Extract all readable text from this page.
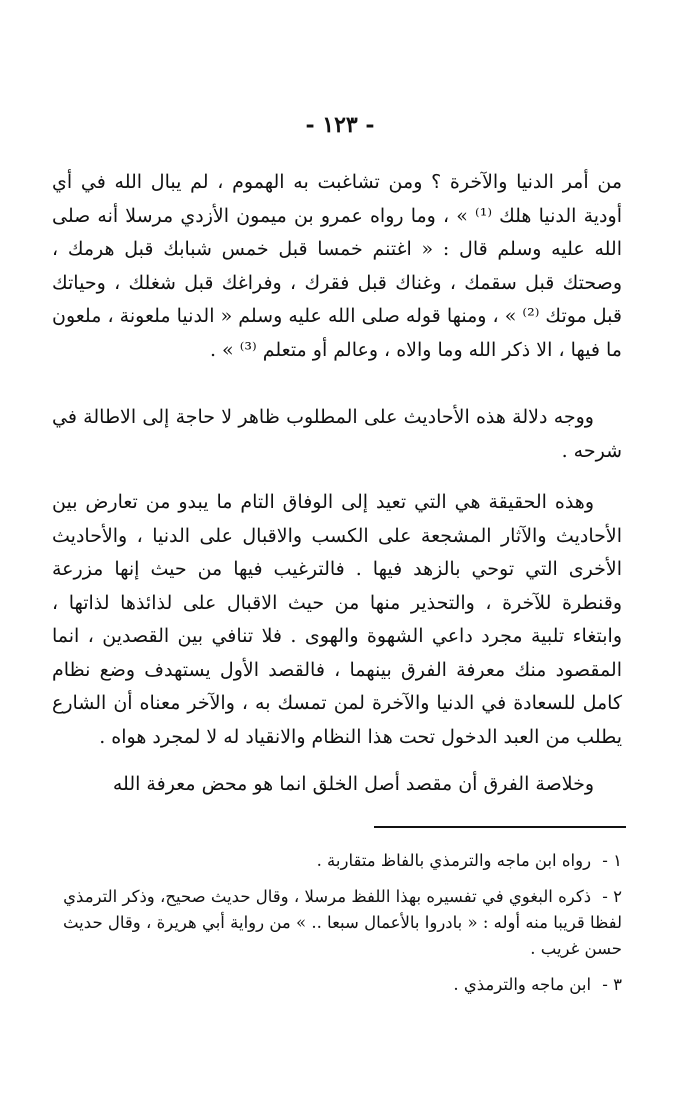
- ١٢٣ -

من أمر الدنيا والآخرة ؟ ومن تشاغبت به الهموم ، لم يبال الله في أي أودية الدنيا هلك ⁽¹⁾ » ، وما رواه عمرو بن ميمون الأزدي مرسلا أنه صلى الله عليه وسلم قال : « اغتنم خمسا قبل خمس شبابك قبل هرمك ، وصحتك قبل سقمك ، وغناك قبل فقرك ، وفراغك قبل شغلك ، وحياتك قبل موتك ⁽²⁾ » ، ومنها قوله صلى الله عليه وسلم « الدنيا ملعونة ، ملعون ما فيها ، الا ذكر الله وما والاه ، وعالم أو متعلم ⁽³⁾ » .

ووجه دلالة هذه الأحاديث على المطلوب ظاهر لا حاجة إلى الاطالة في شرحه .

وهذه الحقيقة هي التي تعيد إلى الوفاق التام ما يبدو من تعارض بين الأحاديث والآثار المشجعة على الكسب والاقبال على الدنيا ، والأحاديث الأخرى التي توحي بالزهد فيها . فالترغيب فيها من حيث إنها مزرعة وقنطرة للآخرة ، والتحذير منها من حيث الاقبال على لذائذها لذاتها ، وابتغاء تلبية مجرد داعي الشهوة والهوى . فلا تنافي بين القصدين ، انما المقصود منك معرفة الفرق بينهما ، فالقصد الأول يستهدف وضع نظام كامل للسعادة في الدنيا والآخرة لمن تمسك به ، والآخر معناه أن الشارع يطلب من العبد الدخول تحت هذا النظام والانقياد له لا لمجرد هواه .

وخلاصة الفرق أن مقصد أصل الخلق انما هو محض معرفة الله

١ - رواه ابن ماجه والترمذي بالفاظ متقاربة .
٢ - ذكره البغوي في تفسيره بهذا اللفظ مرسلا ، وقال حديث صحيح، وذكر الترمذي لفظا قريبا منه أوله : « بادروا بالأعمال سبعا .. » من رواية أبي هريرة ، وقال حديث حسن غريب .
٣ - ابن ماجه والترمذي .
